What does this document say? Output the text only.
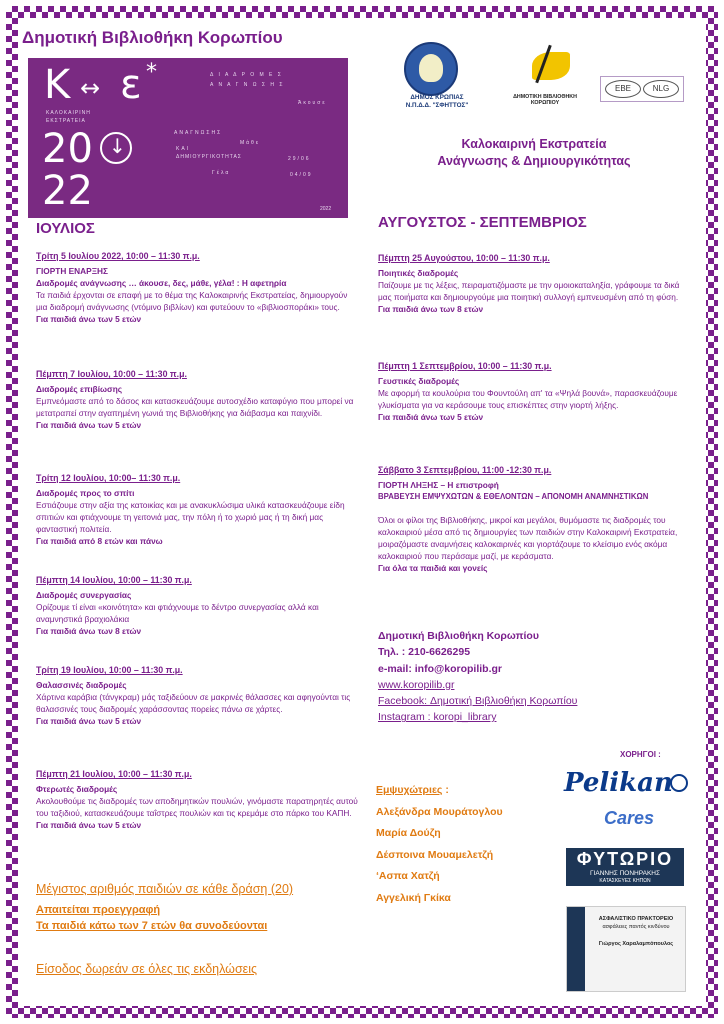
Δημοτική Βιβλιοθήκη Κορωπίου
Κ ↔ ε *
ΚΑΛΟΚΑΙΡΙΝΗ
ΕΚΣΤΡΑΤΕΙΑ
20 ↓
22
Δ Ι Α Δ Ρ Ο Μ Ε Σ
Α Ν Α Γ Ν Ω Σ Η Σ
Άκουσε
ΑΝΑΓΝΩΣΗΣ
ΚΑΙ
ΔΗΜΙΟΥΡΓΙΚΟΤΗΤΑΣ
Μάθε
29/06
Γέλα	04/09
2022
ΔΗΜΟΣ ΚΡΩΠΙΑΣ
Ν.Π.Δ.Δ. "ΣΦΗΤΤΟΣ"
ΔΗΜΟΤΙΚΗ ΒΙΒΛΙΟΘΗΚΗ ΚΟΡΩΠΙΟΥ
EBE	NLG
Καλοκαιρινή Εκστρατεία
Ανάγνωσης & Δημιουργικότητας
ΙΟΥΛΙΟΣ	ΑΥΓΟΥΣΤΟΣ - ΣΕΠΤΕΜΒΡΙΟΣ
Τρίτη 5 Ιουλίου 2022, 10:00 – 11:30 π.μ.
ΓΙΟΡΤΗ ΕΝΑΡΞΗΣ
Διαδρομές ανάγνωσης … άκουσε, δες, μάθε, γέλα! : Η αφετηρία

Τα παιδιά έρχονται σε επαφή με το θέμα της Καλοκαιρινής Εκστρατείας, δημιουργούν μια διαδρομή ανάγνωσης (ντόμινο βιβλίων) και φυτεύουν το «βιβλιοσποράκι» τους.

Για παιδιά άνω των 5 ετών
Πέμπτη 7 Ιουλίου, 10:00 – 11:30 π.μ.
Διαδρομές επιβίωσης

Εμπνεόμαστε από το δάσος και κατασκευάζουμε αυτοσχέδιο καταφύγιο που μπορεί να μετατραπεί στην αγαπημένη γωνιά της Βιβλιοθήκης για διάβασμα και παιχνίδι.

Για παιδιά άνω των 5 ετών
Τρίτη 12 Ιουλίου, 10:00– 11:30 π.μ.
Διαδρομές προς το σπίτι

Εστιάζουμε στην αξία της κατοικίας και με ανακυκλώσιμα υλικά κατασκευάζουμε είδη σπιτιών και φτιάχνουμε τη γειτονιά μας, την πόλη ή το χωριό μας ή τη δική μας φανταστική πολιτεία.

Για παιδιά από 8 ετών και πάνω
Πέμπτη 14 Ιουλίου, 10:00 – 11:30 π.μ.
Διαδρομές συνεργασίας

Ορίζουμε τί είναι «κοινότητα» και φτιάχνουμε το δέντρο συνεργασίας αλλά και αναμνηστικά βραχιολάκια

Για παιδιά άνω των 8 ετών
Τρίτη 19 Ιουλίου, 10:00 – 11:30 π.μ.
Θαλασσινές διαδρομές

Χάρτινα καράβια (τάνγκραμ) μάς ταξιδεύουν σε μακρινές θάλασσες και αφηγούνται τις θαλασσινές τους διαδρομές χαράσσοντας πορείες πάνω σε χάρτες.

Για παιδιά άνω των 5 ετών
Πέμπτη 21 Ιουλίου, 10:00 – 11:30 π.μ.
Φτερωτές διαδρομές

Ακολουθούμε τις διαδρομές των αποδημητικών πουλιών, γινόμαστε παρατηρητές αυτού του ταξιδιού, κατασκευάζουμε ταΐστρες πουλιών και τις κρεμάμε στο πάρκο του ΚΑΠΗ.

Για παιδιά άνω των 5 ετών
Μέγιστος αριθμός παιδιών σε κάθε δράση (20)
Απαιτείται προεγγραφή
Τα παιδιά κάτω των 7 ετών θα συνοδεύονται
Είσοδος δωρεάν σε όλες τις εκδηλώσεις
Πέμπτη 25 Αυγούστου, 10:00 – 11:30 π.μ.
Ποιητικές διαδρομές

Παίζουμε με τις λέξεις, πειραματιζόμαστε με την ομοιοκαταληξία, γράφουμε τα δικά μας ποιήματα και δημιουργούμε μια ποιητική συλλογή εμπνευσμένη από τη φύση.

Για παιδιά άνω των 8 ετών
Πέμπτη 1 Σεπτεμβρίου, 10:00 – 11:30 π.μ.
Γευστικές διαδρομές

Με αφορμή τα κουλούρια του Φουντούλη απ' τα «Ψηλά βουνά», παρασκευάζουμε γλυκίσματα για να κεράσουμε τους επισκέπτες στην γιορτή λήξης.

Για παιδιά άνω των 5 ετών
Σάββατο 3 Σεπτεμβρίου, 11:00 -12:30 π.μ.
ΓΙΟΡΤΗ ΛΗΞΗΣ – Η επιστροφή
ΒΡΑΒΕΥΣΗ ΕΜΨΥΧΩΤΩΝ & ΕΘΕΛΟΝΤΩΝ – ΑΠΟΝΟΜΗ ΑΝΑΜΝΗΣΤΙΚΩΝ

Όλοι οι φίλοι της Βιβλιοθήκης, μικροί και μεγάλοι, θυμόμαστε τις διαδρομές του καλοκαιριού μέσα από τις δημιουργίες των παιδιών στην Καλοκαιρινή Εκστρατεία, μοιραζόμαστε αναμνήσεις καλοκαιρινές και γιορτάζουμε το κλείσιμο ενός ακόμα καλοκαιριού που περάσαμε μαζί, με κεράσματα.

Για όλα τα παιδιά και γονείς
Δημοτική Βιβλιοθήκη Κορωπίου
Τηλ. : 210-6626295
e-mail: info@koropilib.gr
www.koropilib.gr
Facebook: Δημοτική Βιβλιοθήκη Κορωπίου
Instagram : koropi_library
ΧΟΡΗΓΟΙ :
Εμψυχώτριες :
Αλεξάνδρα Μουράτογλου
Μαρία Δούζη
Δέσποινα Μουαμελετζή
‘Ασπα Χατζή
Αγγελική Γκίκα
Pelikan
Cares
ΦΥΤΩΡΙΟ
ΓΙΑΝΝΗΣ ΠΟΝΗΡΑΚΗΣ
ΚΑΤΑΣΚΕΥΕΣ ΚΗΠΩΝ
ΑΣΦΑΛΙΣΤΙΚΟ ΠΡΑΚΤΟΡΕΙΟ
ασφάλειες παντός κινδύνου
Γιώργος Χαραλαμπόπουλος
